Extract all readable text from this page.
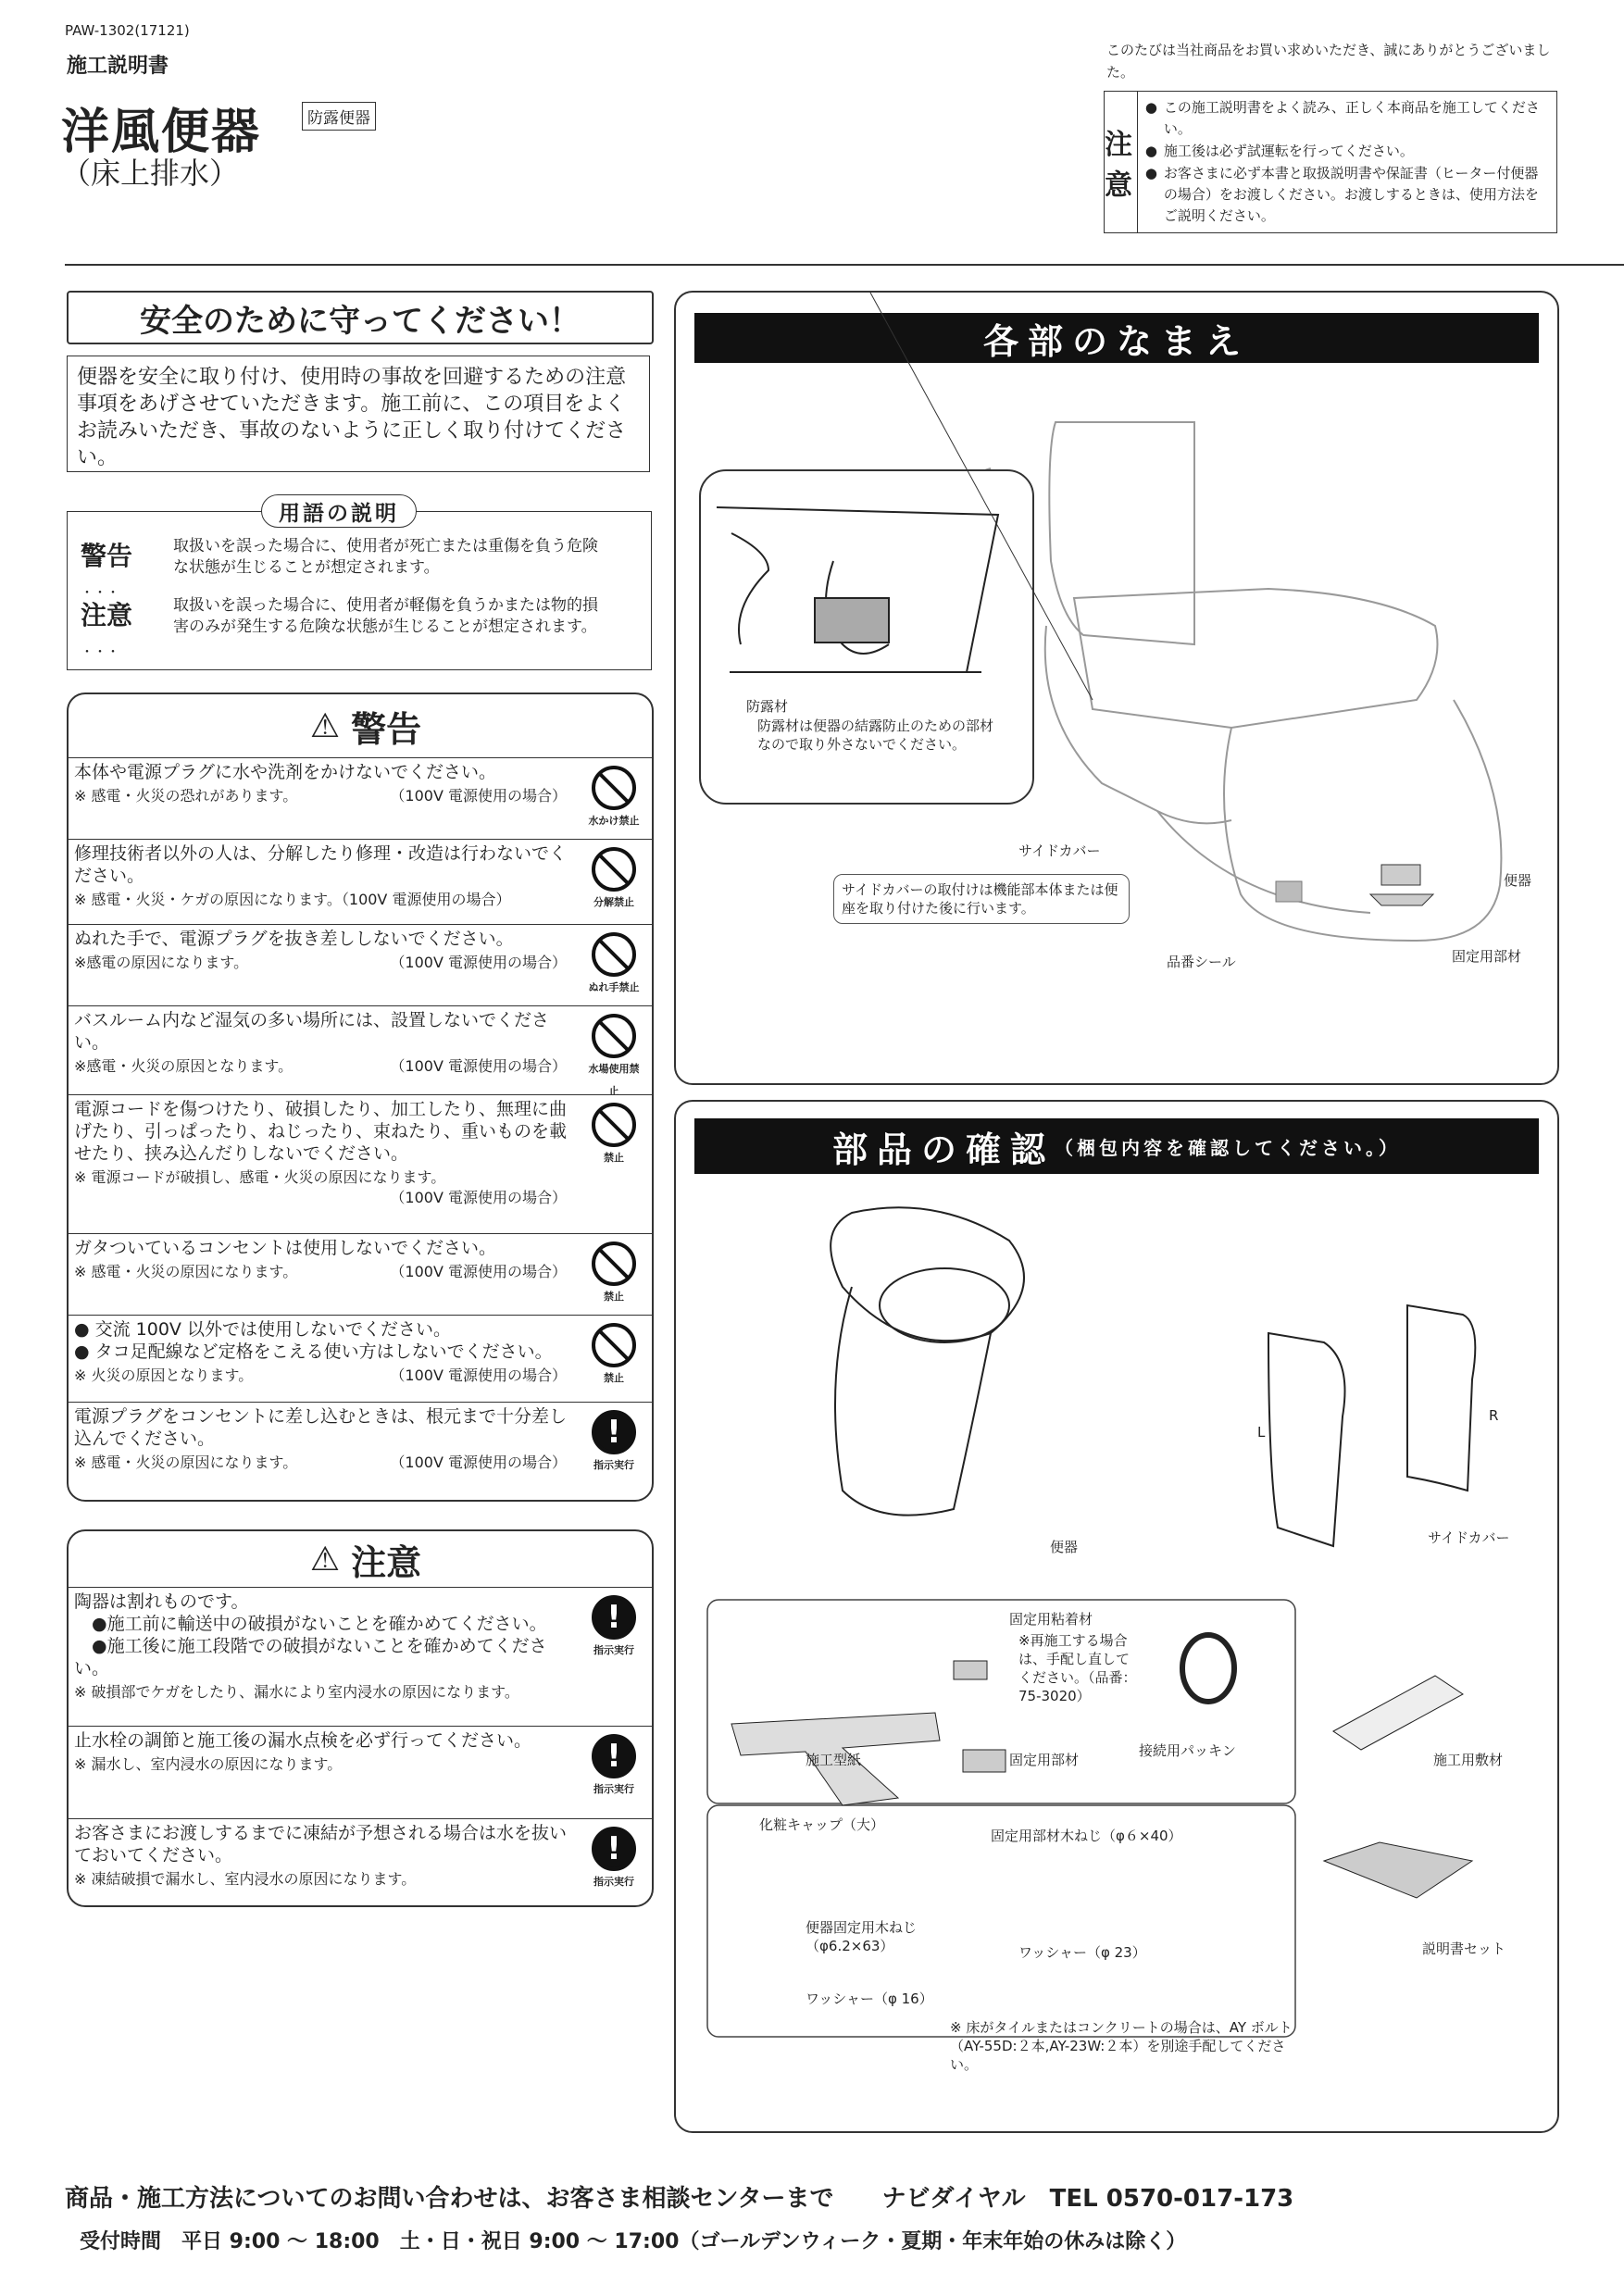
PAW-1302(17121)
施工説明書
洋風便器	防露便器
（床上排水）
このたびは当社商品をお買い求めいただき、誠にありがとうございました。
注意
● この施工説明書をよく読み、正しく本商品を施工してください。
● 施工後は必ず試運転を行ってください。
● お客さまに必ず本書と取扱説明書や保証書（ヒーター付便器の場合）をお渡しください。お渡しするときは、使用方法をご説明ください。
安全のために守ってください！
便器を安全に取り付け、使用時の事故を回避するための注意事項をあげさせていただきます。施工前に、この項目をよくお読みいただき、事故のないように正しく取り付けてください。
警告 ・・・
取扱いを誤った場合に、使用者が死亡または重傷を負う危険な状態が生じることが想定されます。
注意 ・・・
取扱いを誤った場合に、使用者が軽傷を負うかまたは物的損害のみが発生する危険な状態が生じることが想定されます。
用語の説明
⚠ 警告
本体や電源プラグに水や洗剤をかけないでください。
※ 感電・火災の恐れがあります。	（100V 電源使用の場合）
水かけ禁止
修理技術者以外の人は、分解したり修理・改造は行わないでください。
※ 感電・火災・ケガの原因になります。（100V 電源使用の場合）	分解禁止
ぬれた手で、電源プラグを抜き差ししないでください。
※感電の原因になります。	（100V 電源使用の場合）
ぬれ手禁止
バスルーム内など湿気の多い場所には、設置しないでください。
※感電・火災の原因となります。	（100V 電源使用の場合）	水場使用禁止
電源コードを傷つけたり、破損したり、加工したり、無理に曲げたり、引っぱったり、ねじったり、束ねたり、重いものを載せたり、挟み込んだりしないでください。
※ 電源コードが破損し、感電・火災の原因になります。
（100V 電源使用の場合）
禁止
ガタついているコンセントは使用しないでください。
※ 感電・火災の原因になります。	（100V 電源使用の場合）
禁止
● 交流 100V 以外では使用しないでください。
● タコ足配線など定格をこえる使い方はしないでください。
※ 火災の原因となります。	（100V 電源使用の場合）	禁止
電源プラグをコンセントに差し込むときは、根元まで十分差し込んでください。
※ 感電・火災の原因になります。	（100V 電源使用の場合）
!
指示実行
⚠ 注意
陶器は割れものです。
　●施工前に輸送中の破損がないことを確かめてください。
　●施工後に施工段階での破損がないことを確かめてください。
※ 破損部でケガをしたり、漏水により室内浸水の原因になります。
!
指示実行
止水栓の調節と施工後の漏水点検を必ず行ってください。
※ 漏水し、室内浸水の原因になります。	!
指示実行
お客さまにお渡しするまでに凍結が予想される場合は水を抜いておいてください。
※ 凍結破損で漏水し、室内浸水の原因になります。
!
指示実行
各部のなまえ
防露材
防露材は便器の結露防止のための部材なので取り外さないでください。
サイドカバー
サイドカバーの取付けは機能部本体または便座を取り付けた後に行います。
便器
品番シール	固定用部材
部品の確認 （梱包内容を確認してください。）
便器
L
R
サイドカバー
固定用粘着材
※再施工する場合は、手配し直してください。（品番：75-3020）
施工型紙	固定用部材
接続用パッキン
施工用敷材
化粧キャップ（大）
固定用部材木ねじ（φ６×40）
便器固定用木ねじ（φ6.2×63）	ワッシャー（φ 23）
ワッシャー（φ 16）
説明書セット
※ 床がタイルまたはコンクリートの場合は、AY ボルト（AY-55D:２本,AY-23W:２本）を別途手配してください。
商品・施工方法についてのお問い合わせは、お客さま相談センターまで　　ナビダイヤル　TEL 0570-017-173
受付時間　平日 9:00 ～ 18:00　土・日・祝日 9:00 ～ 17:00（ゴールデンウィーク・夏期・年末年始の休みは除く）
